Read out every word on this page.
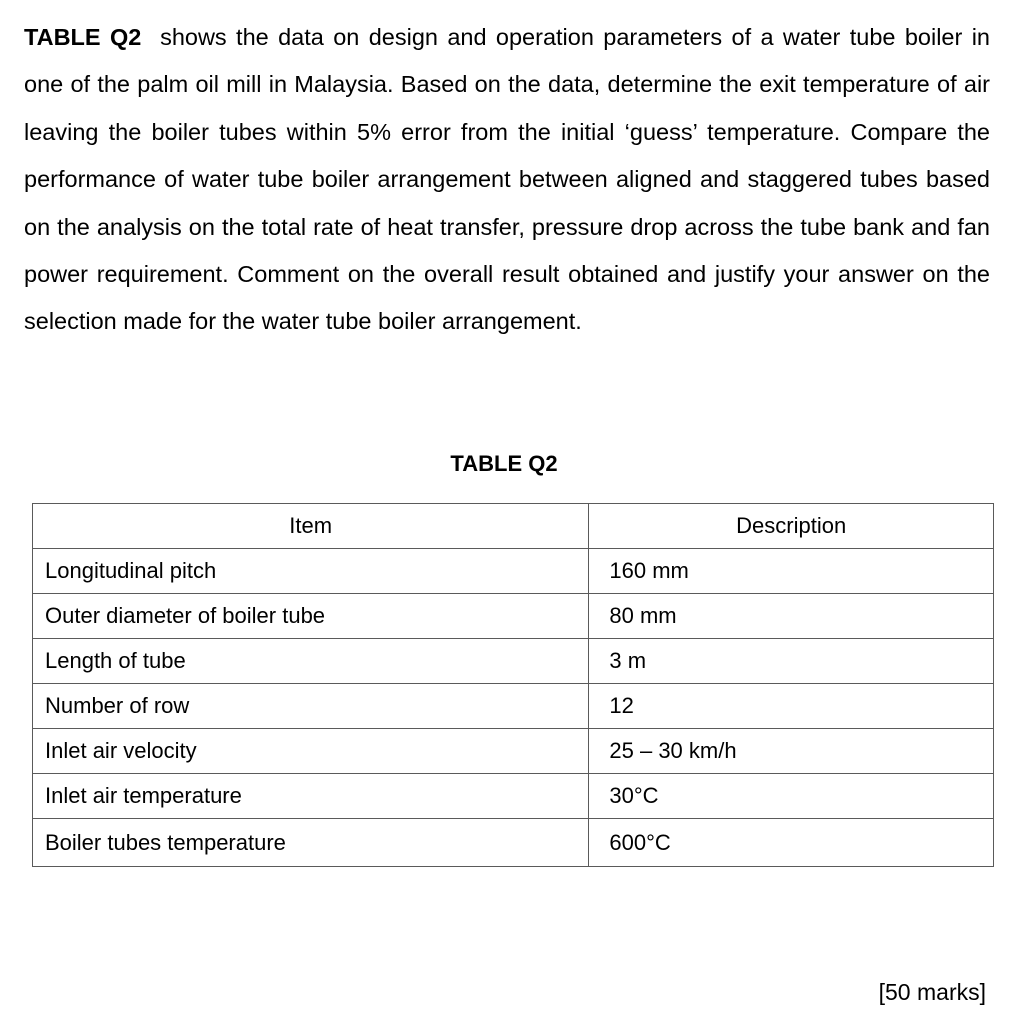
TABLE Q2 shows the data on design and operation parameters of a water tube boiler in one of the palm oil mill in Malaysia. Based on the data, determine the exit temperature of air leaving the boiler tubes within 5% error from the initial ‘guess’ temperature. Compare the performance of water tube boiler arrangement between aligned and staggered tubes based on the analysis on the total rate of heat transfer, pressure drop across the tube bank and fan power requirement. Comment on the overall result obtained and justify your answer on the selection made for the water tube boiler arrangement.

TABLE Q2
Item	Description
Longitudinal pitch	160 mm
Outer diameter of boiler tube	80 mm
Length of tube	3 m
Number of row	12
Inlet air velocity	25 – 30 km/h
Inlet air temperature	30°C
Boiler tubes temperature	600°C
[50 marks]
